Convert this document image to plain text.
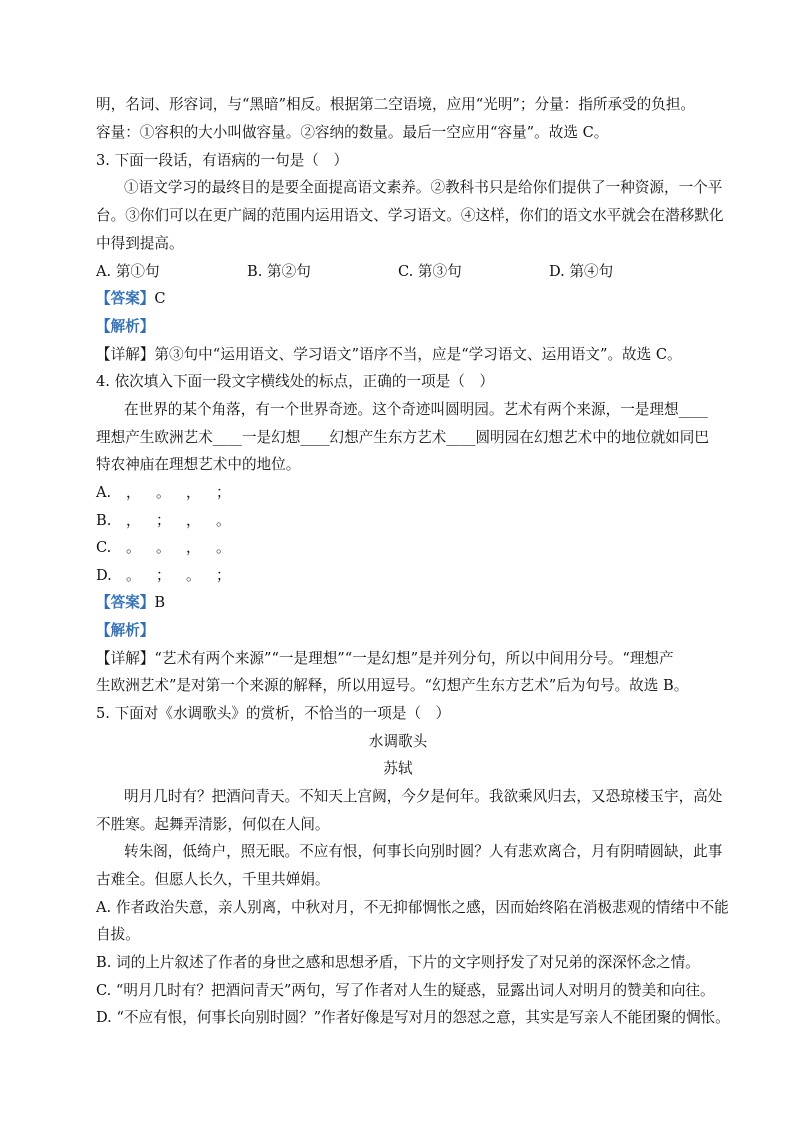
明，名词、形容词，与“黑暗”相反。根据第二空语境，应用“光明”；分量：指所承受的负担。
容量：①容积的大小叫做容量。②容纳的数量。最后一空应用“容量”。故选 C。
3. 下面一段话，有语病的一句是（　）
①语文学习的最终目的是要全面提高语文素养。②教科书只是给你们提供了一种资源，一个平
台。③你们可以在更广阔的范围内运用语文、学习语文。④这样，你们的语文水平就会在潜移默化
中得到提高。
A. 第①句	B. 第②句	C. 第③句	D. 第④句
【答案】C
【解析】
【详解】第③句中“运用语文、学习语文”语序不当，应是“学习语文、运用语文”。故选 C。
4. 依次填入下面一段文字横线处的标点，正确的一项是（　）
在世界的某个角落，有一个世界奇迹。这个奇迹叫圆明园。艺术有两个来源，一是理想____
理想产生欧洲艺术____一是幻想____幻想产生东方艺术____圆明园在幻想艺术中的地位就如同巴
特农神庙在理想艺术中的地位。
A. ， 。 ， ；
B. ， ； ， 。
C. 。 。 ， 。
D. 。 ； 。 ；
【答案】B
【解析】
【详解】“艺术有两个来源”“一是理想”“一是幻想”是并列分句，所以中间用分号。“理想产
生欧洲艺术”是对第一个来源的解释，所以用逗号。“幻想产生东方艺术”后为句号。故选 B。
5. 下面对《水调歌头》的赏析，不恰当的一项是（　）
水调歌头
苏轼
明月几时有？把酒问青天。不知天上宫阙，今夕是何年。我欲乘风归去，又恐琼楼玉宇，高处
不胜寒。起舞弄清影，何似在人间。
转朱阁，低绮户，照无眠。不应有恨，何事长向别时圆？人有悲欢离合，月有阴晴圆缺，此事
古难全。但愿人长久，千里共婵娟。
A. 作者政治失意，亲人别离，中秋对月，不无抑郁惆怅之感，因而始终陷在消极悲观的情绪中不能
自拔。
B. 词的上片叙述了作者的身世之感和思想矛盾，下片的文字则抒发了对兄弟的深深怀念之情。
C. “明月几时有？把酒问青天”两句，写了作者对人生的疑惑，显露出词人对明月的赞美和向往。
D. “不应有恨，何事长向别时圆？”作者好像是写对月的怨怼之意，其实是写亲人不能团聚的惆怅。
